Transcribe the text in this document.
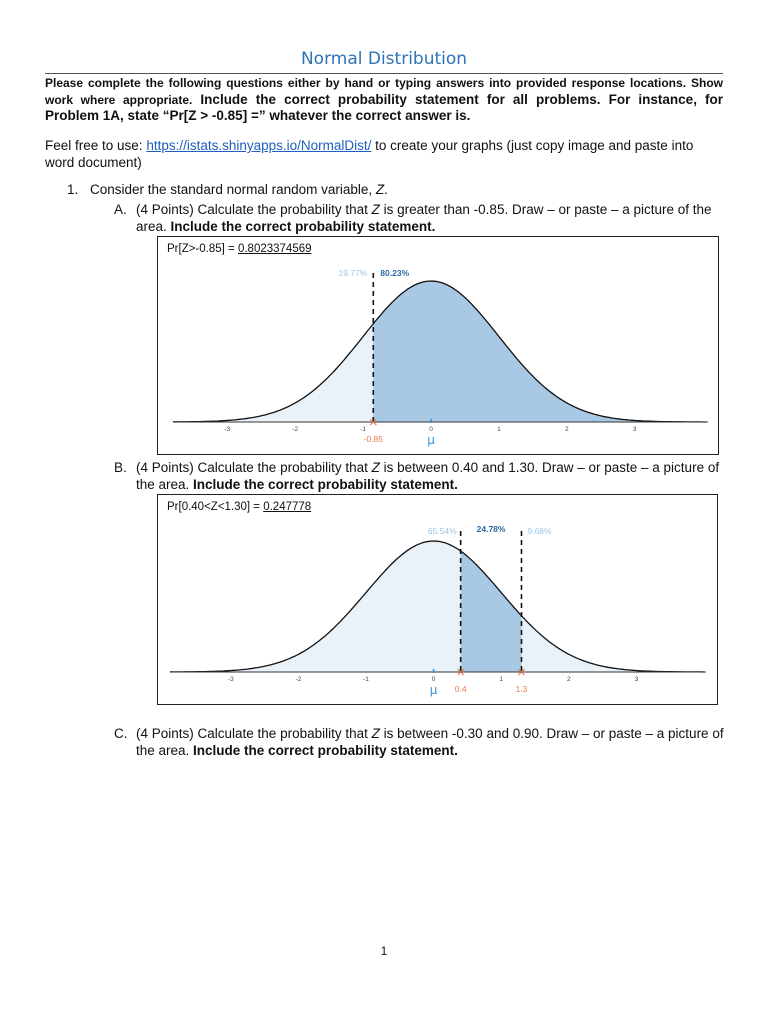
Normal Distribution
Please complete the following questions either by hand or typing answers into provided response locations. Show work where appropriate. Include the correct probability statement for all problems. For instance, for Problem 1A, state “Pr[Z > -0.85] =” whatever the correct answer is.
Feel free to use: https://istats.shinyapps.io/NormalDist/ to create your graphs (just copy image and paste into word document)
1. Consider the standard normal random variable, Z.
A. (4 Points) Calculate the probability that Z is greater than -0.85. Draw – or paste – a picture of the area. Include the correct probability statement.
Pr[Z>-0.85] = 0.8023374569
-3	-2	-1	0	1	2	3
μ
-0.85
19.77% 80.23%
B. (4 Points) Calculate the probability that Z is between 0.40 and 1.30. Draw – or paste – a picture of the area. Include the correct probability statement.
Pr[0.40<Z<1.30] = 0.247778
-3	-2	-1	0	1	2	3
μ 0.4	1.3
65.54% 24.78%	9.68%
C. (4 Points) Calculate the probability that Z is between -0.30 and 0.90. Draw – or paste – a picture of the area. Include the correct probability statement.
1
